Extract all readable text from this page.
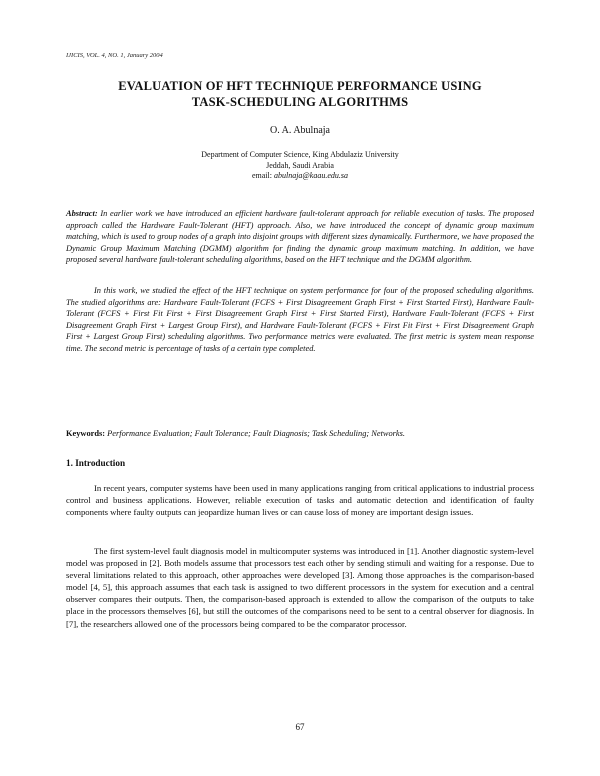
IJICIS, VOL. 4, NO. 1, January 2004
EVALUATION OF HFT TECHNIQUE PERFORMANCE USING
TASK-SCHEDULING ALGORITHMS
O. A. Abulnaja
Department of Computer Science, King Abdulaziz University
Jeddah, Saudi Arabia
email: abulnaja@kaau.edu.sa
Abstract: In earlier work we have introduced an efficient hardware fault-tolerant approach for reliable execution of tasks. The proposed approach called the Hardware Fault-Tolerant (HFT) approach. Also, we have introduced the concept of dynamic group maximum matching, which is used to group nodes of a graph into disjoint groups with different sizes dynamically. Furthermore, we have proposed the Dynamic Group Maximum Matching (DGMM) algorithm for finding the dynamic group maximum matching. In addition, we have proposed several hardware fault-tolerant scheduling algorithms, based on the HFT technique and the DGMM algorithm.
In this work, we studied the effect of the HFT technique on system performance for four of the proposed scheduling algorithms. The studied algorithms are: Hardware Fault-Tolerant (FCFS + First Disagreement Graph First + First Started First), Hardware Fault-Tolerant (FCFS + First Fit First + First Disagreement Graph First + First Started First), Hardware Fault-Tolerant (FCFS + First Disagreement Graph First + Largest Group First), and Hardware Fault-Tolerant (FCFS + First Fit First + First Disagreement Graph First + Largest Group First) scheduling algorithms. Two performance metrics were evaluated. The first metric is system mean response time. The second metric is percentage of tasks of a certain type completed.
Keywords: Performance Evaluation; Fault Tolerance; Fault Diagnosis; Task Scheduling; Networks.
1. Introduction
In recent years, computer systems have been used in many applications ranging from critical applications to industrial process control and business applications. However, reliable execution of tasks and automatic detection and identification of faulty components where faulty outputs can jeopardize human lives or can cause loss of money are important design issues.
The first system-level fault diagnosis model in multicomputer systems was introduced in [1]. Another diagnostic system-level model was proposed in [2]. Both models assume that processors test each other by sending stimuli and waiting for a response. Due to several limitations related to this approach, other approaches were developed [3]. Among those approaches is the comparison-based model [4, 5], this approach assumes that each task is assigned to two different processors in the system for execution and a central observer compares their outputs. Then, the comparison-based approach is extended to allow the comparison of the outputs to take place in the processors themselves [6], but still the outcomes of the comparisons need to be sent to a central observer for diagnosis. In [7], the researchers allowed one of the processors being compared to be the comparator processor.
67
